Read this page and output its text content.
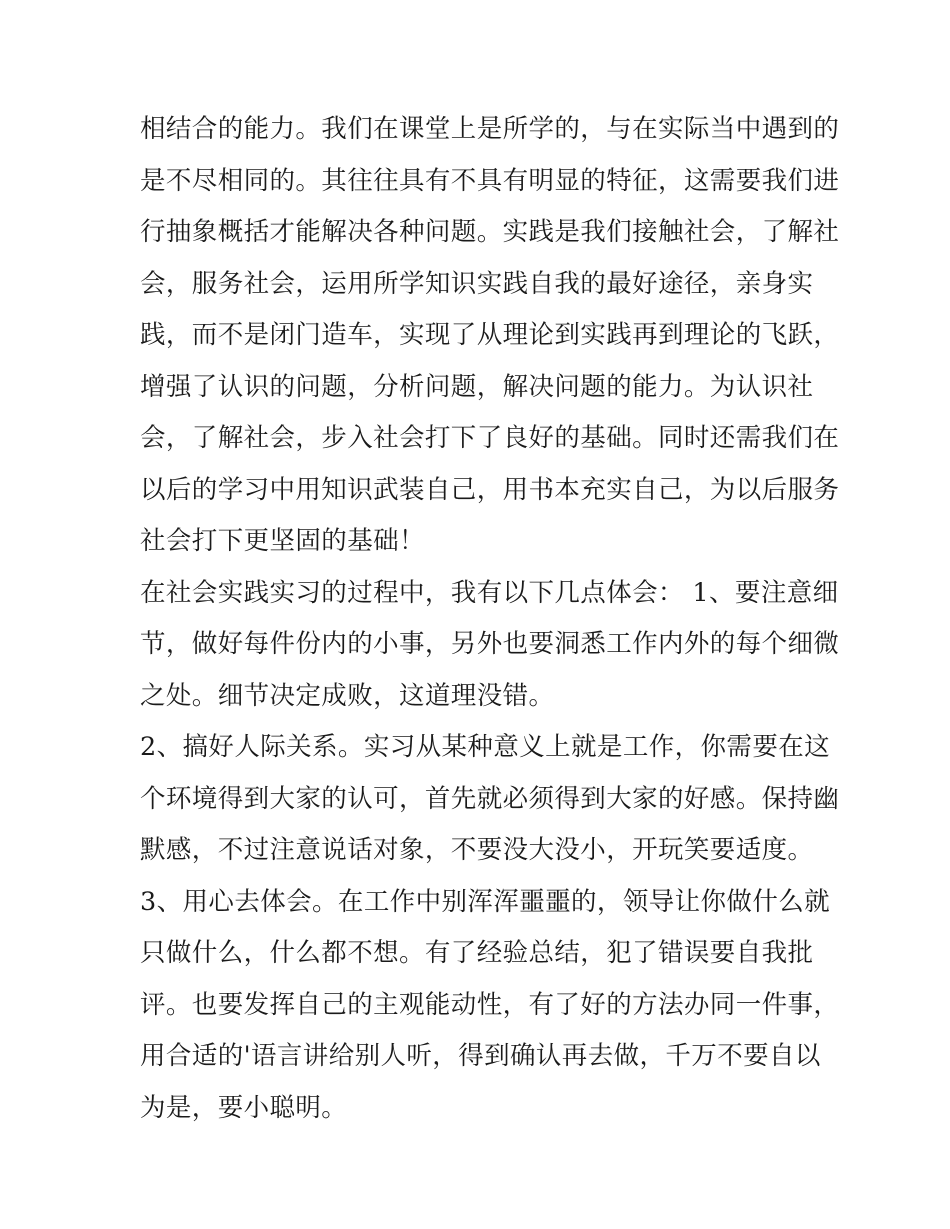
相结合的能力。我们在课堂上是所学的，与在实际当中遇到的
是不尽相同的。其往往具有不具有明显的特征，这需要我们进
行抽象概括才能解决各种问题。实践是我们接触社会，了解社
会，服务社会，运用所学知识实践自我的最好途径，亲身实
践，而不是闭门造车，实现了从理论到实践再到理论的飞跃，
增强了认识的问题，分析问题，解决问题的能力。为认识社
会，了解社会，步入社会打下了良好的基础。同时还需我们在
以后的学习中用知识武装自己，用书本充实自己，为以后服务
社会打下更坚固的基础！
在社会实践实习的过程中，我有以下几点体会： 1、要注意细
节，做好每件份内的小事，另外也要洞悉工作内外的每个细微
之处。细节决定成败，这道理没错。
2、搞好人际关系。实习从某种意义上就是工作，你需要在这
个环境得到大家的认可，首先就必须得到大家的好感。保持幽
默感，不过注意说话对象，不要没大没小，开玩笑要适度。
3、用心去体会。在工作中别浑浑噩噩的，领导让你做什么就
只做什么，什么都不想。有了经验总结，犯了错误要自我批
评。也要发挥自己的主观能动性，有了好的方法办同一件事，
用合适的'语言讲给别人听，得到确认再去做，千万不要自以
为是，要小聪明。
